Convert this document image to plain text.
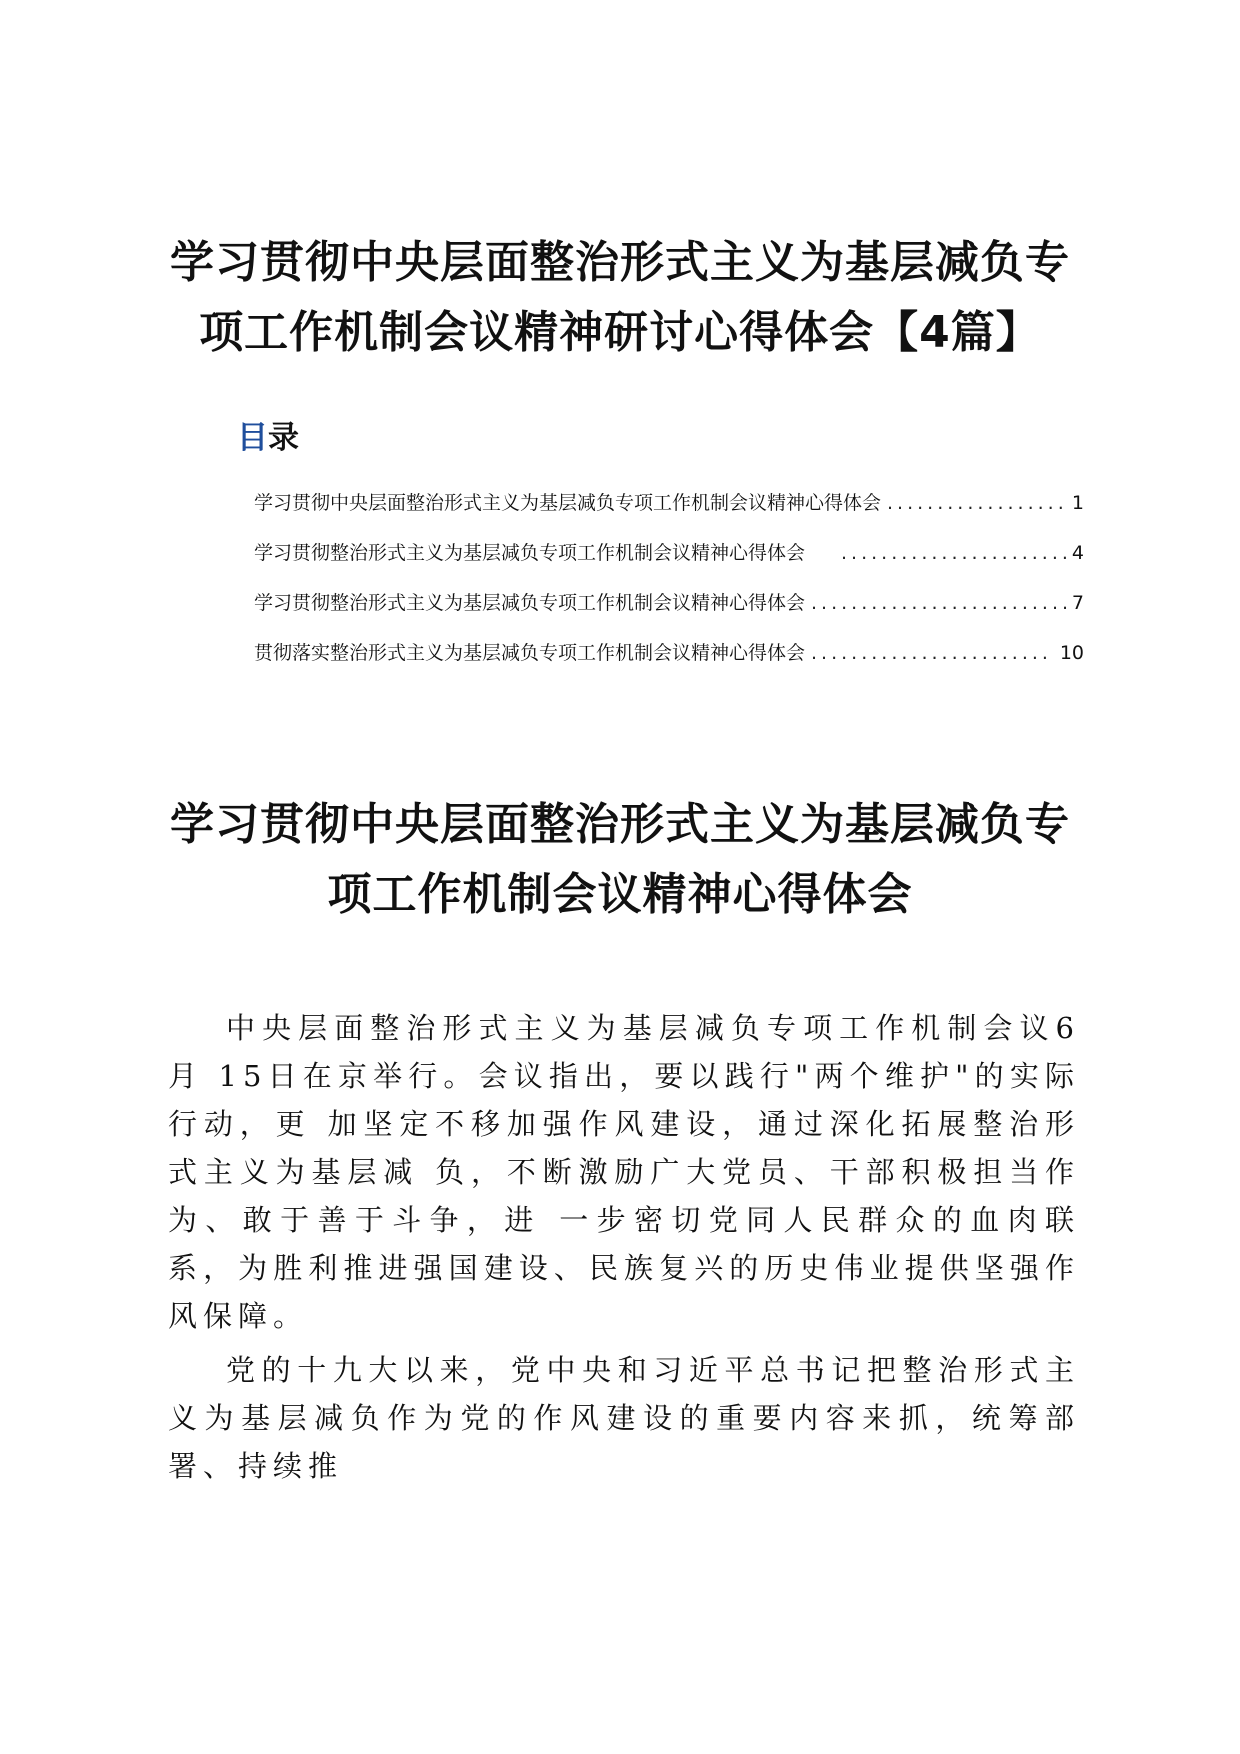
学习贯彻中央层面整治形式主义为基层减负专
项工作机制会议精神研讨心得体会【4篇】
目录
学习贯彻中央层面整治形式主义为基层减负专项工作机制会议精神心得体会 .....	1
学习贯彻整治形式主义为基层减负专项工作机制会议精神心得体会 .....	4
学习贯彻整治形式主义为基层减负专项工作机制会议精神心得体会 .....	7
贯彻落实整治形式主义为基层减负专项工作机制会议精神心得体会 .....	10
学习贯彻中央层面整治形式主义为基层减负专
项工作机制会议精神心得体会

中央层面整治形式主义为基层减负专项工作机制会议6月 15日在京举行。会议指出，要以践行"两个维护"的实际行动，更 加坚定不移加强作风建设，通过深化拓展整治形式主义为基层减 负，不断激励广大党员、干部积极担当作为、敢于善于斗争，进 一步密切党同人民群众的血肉联系，为胜利推进强国建设、民族复兴的历史伟业提供坚强作风保障。

党的十九大以来，党中央和习近平总书记把整治形式主义为基层减负作为党的作风建设的重要内容来抓，统筹部署、持续推
